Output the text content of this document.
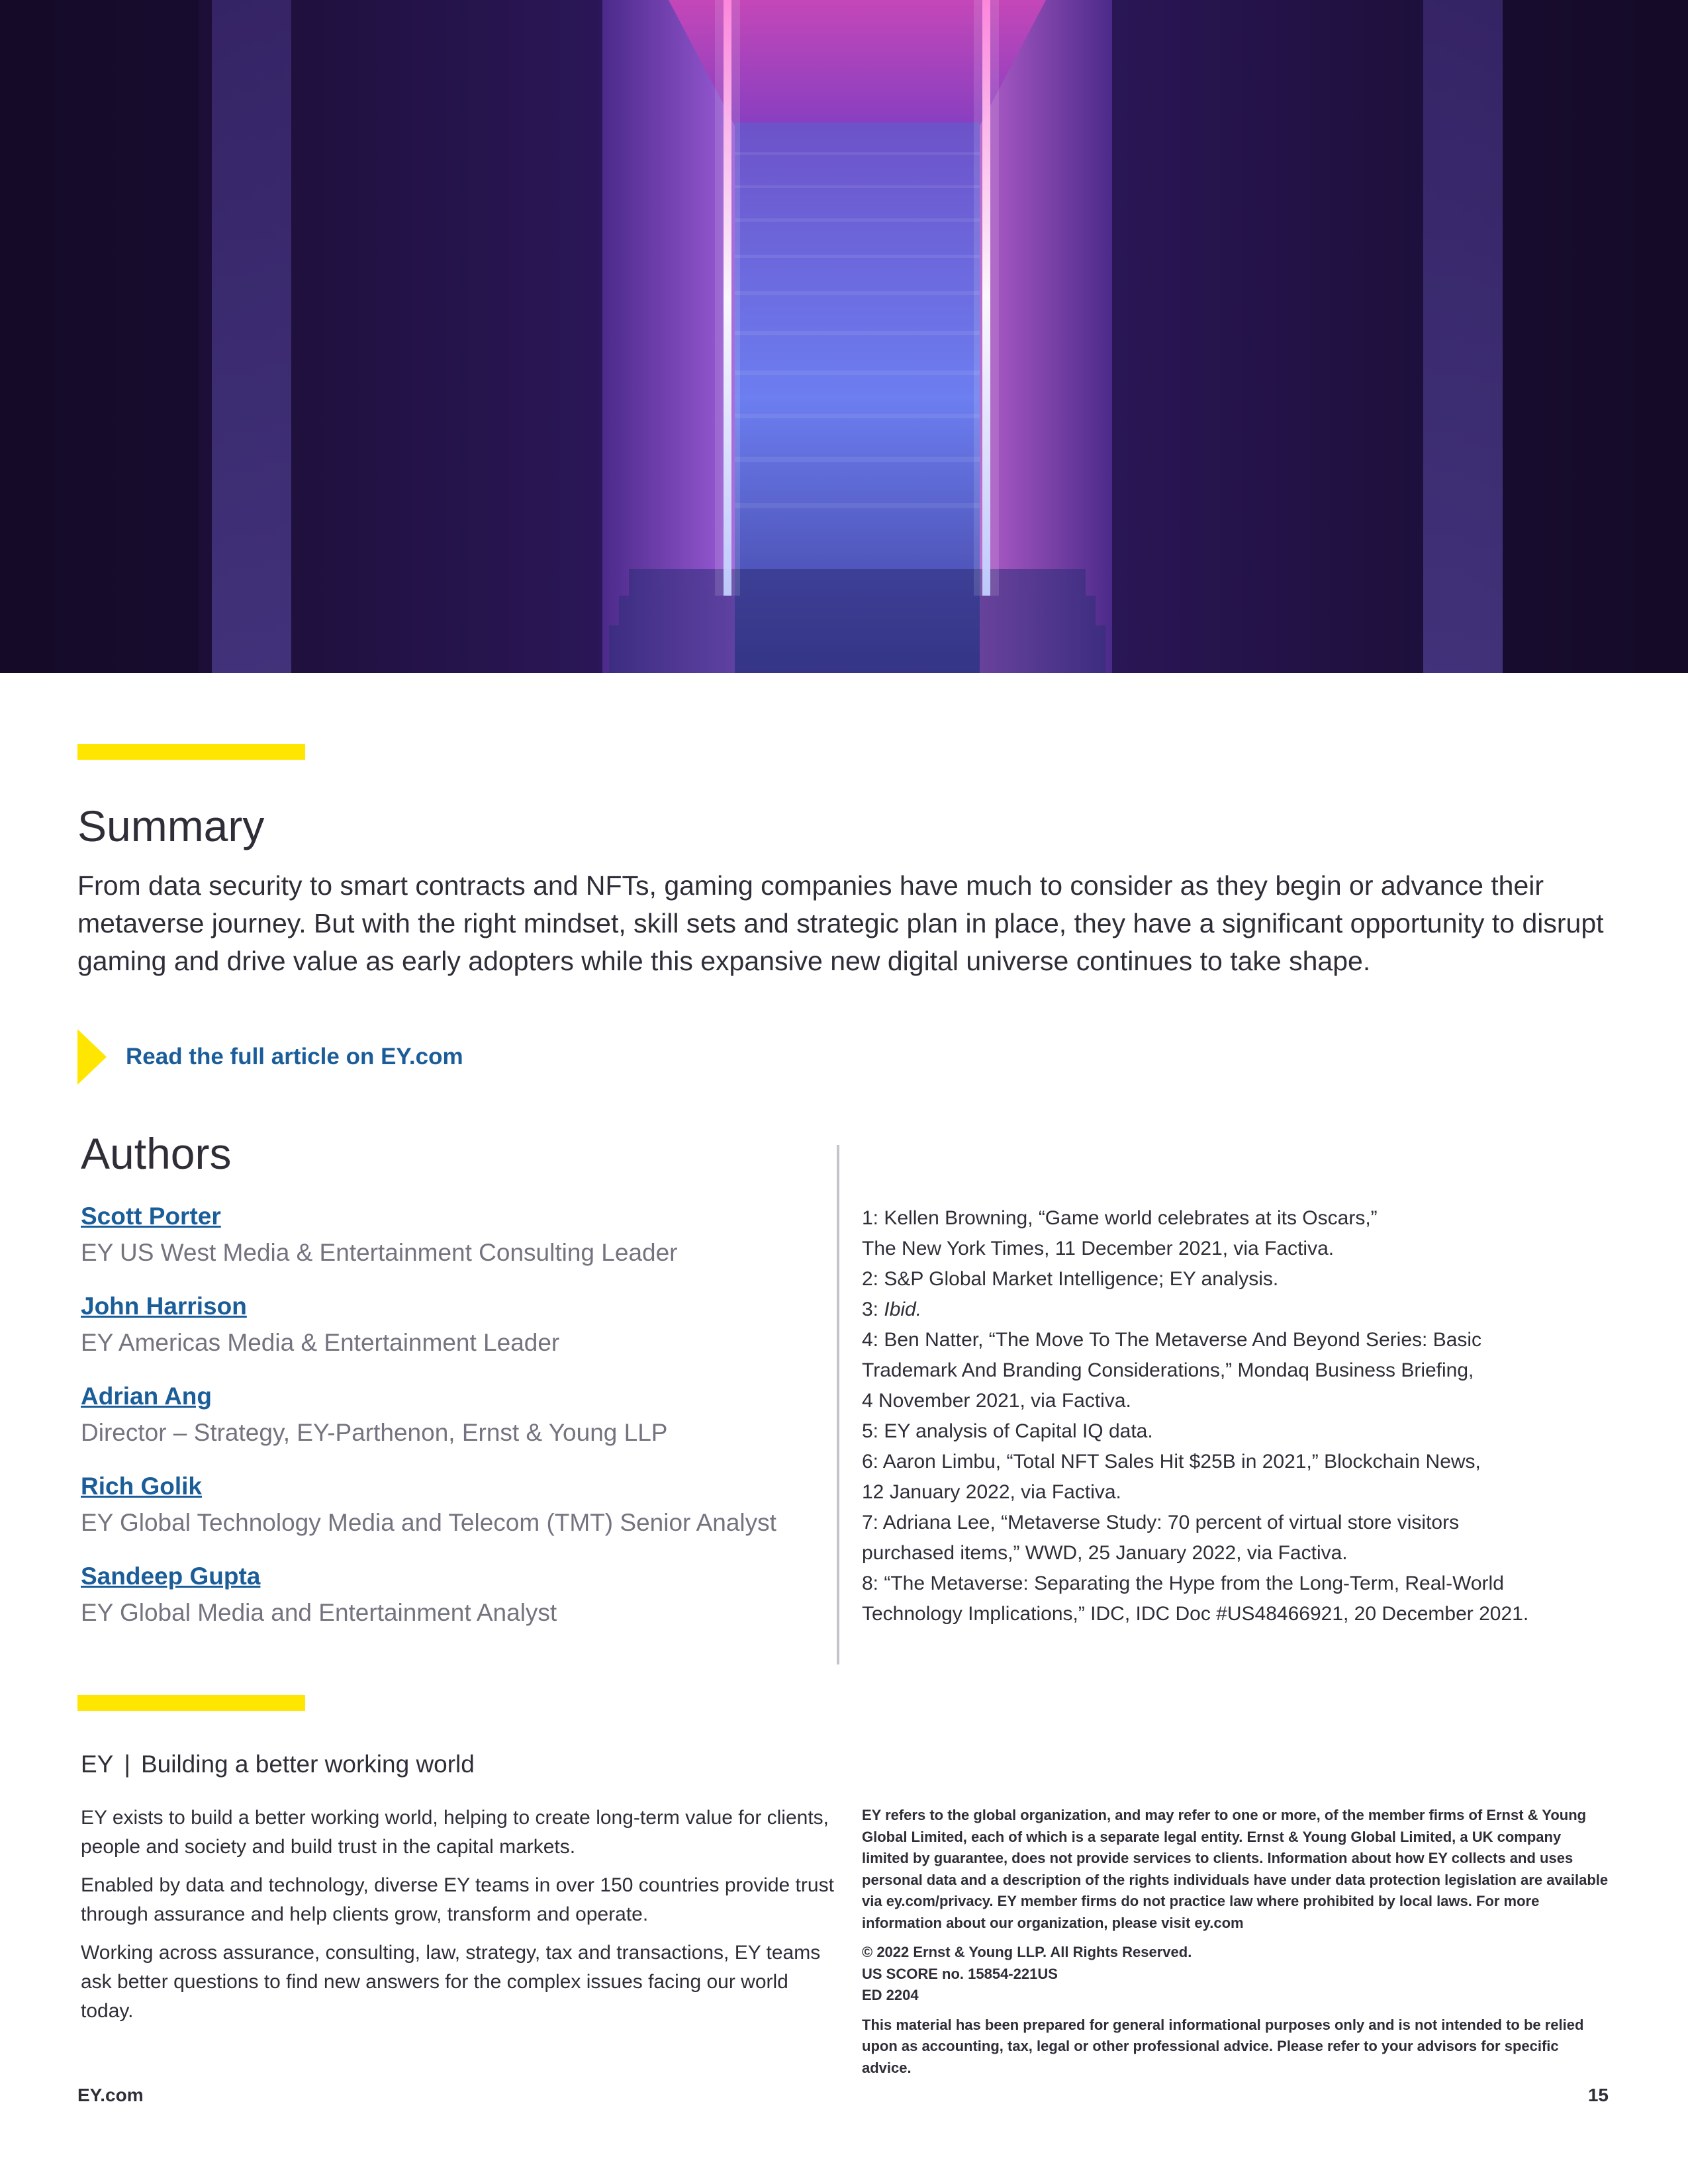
Summary

From data security to smart contracts and NFTs, gaming companies have much to consider as they begin or advance their metaverse journey. But with the right mindset, skill sets and strategic plan in place, they have a significant opportunity to disrupt gaming and drive value as early adopters while this expansive new digital universe continues to take shape.

Read the full article on EY.com
Authors
Scott Porter
EY US West Media & Entertainment Consulting Leader
John Harrison
EY Americas Media & Entertainment Leader
Adrian Ang
Director – Strategy, EY-Parthenon, Ernst & Young LLP
Rich Golik
EY Global Technology Media and Telecom (TMT) Senior Analyst
Sandeep Gupta
EY Global Media and Entertainment Analyst
1: Kellen Browning, “Game world celebrates at its Oscars,”
The New York Times, 11 December 2021, via Factiva.
2: S&P Global Market Intelligence; EY analysis.
3: Ibid.
4: Ben Natter, “The Move To The Metaverse And Beyond Series: Basic
Trademark And Branding Considerations,” Mondaq Business Briefing,
4 November 2021, via Factiva.
5: EY analysis of Capital IQ data.
6: Aaron Limbu, “Total NFT Sales Hit $25B in 2021,” Blockchain News,
12 January 2022, via Factiva.
7: Adriana Lee, “Metaverse Study: 70 percent of virtual store visitors
purchased items,” WWD, 25 January 2022, via Factiva.
8: “The Metaverse: Separating the Hype from the Long-Term, Real-World
Technology Implications,” IDC, IDC Doc #US48466921, 20 December 2021.
EY | Building a better working world

EY exists to build a better working world, helping to create long-term value for clients, people and society and build trust in the capital markets.

Enabled by data and technology, diverse EY teams in over 150 countries provide trust through assurance and help clients grow, transform and operate.

Working across assurance, consulting, law, strategy, tax and transactions, EY teams ask better questions to find new answers for the complex issues facing our world today.

EY refers to the global organization, and may refer to one or more, of the member firms of Ernst & Young Global Limited, each of which is a separate legal entity. Ernst & Young Global Limited, a UK company limited by guarantee, does not provide services to clients. Information about how EY collects and uses personal data and a description of the rights individuals have under data protection legislation are available via ey.com/privacy. EY member firms do not practice law where prohibited by local laws. For more information about our organization, please visit ey.com

© 2022 Ernst & Young LLP. All Rights Reserved.

US SCORE no. 15854-221US

ED 2204

This material has been prepared for general informational purposes only and is not intended to be relied upon as accounting, tax, legal or other professional advice. Please refer to your advisors for specific advice.

EY.com	15
